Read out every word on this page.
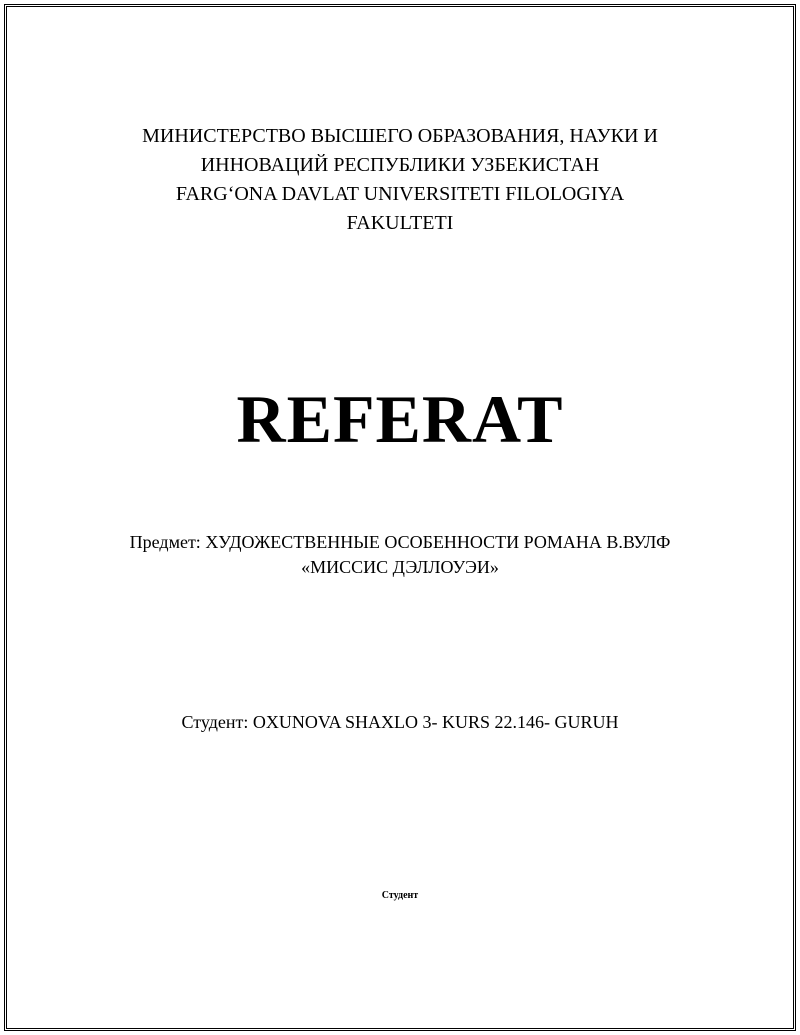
МИНИСТЕРСТВО ВЫСШЕГО ОБРАЗОВАНИЯ, НАУКИ И
ИННОВАЦИЙ РЕСПУБЛИКИ УЗБЕКИСТАН
FARG‘ONA DAVLAT UNIVERSITETI FILOLOGIYA
FAKULTETI
REFERAT
Предмет: ХУДОЖЕСТВЕННЫЕ ОСОБЕННОСТИ РОМАНА В.ВУЛФ
«МИССИС ДЭЛЛОУЭИ»
Студент: OXUNOVA SHAXLO 3- KURS 22.146- GURUH
Студент
